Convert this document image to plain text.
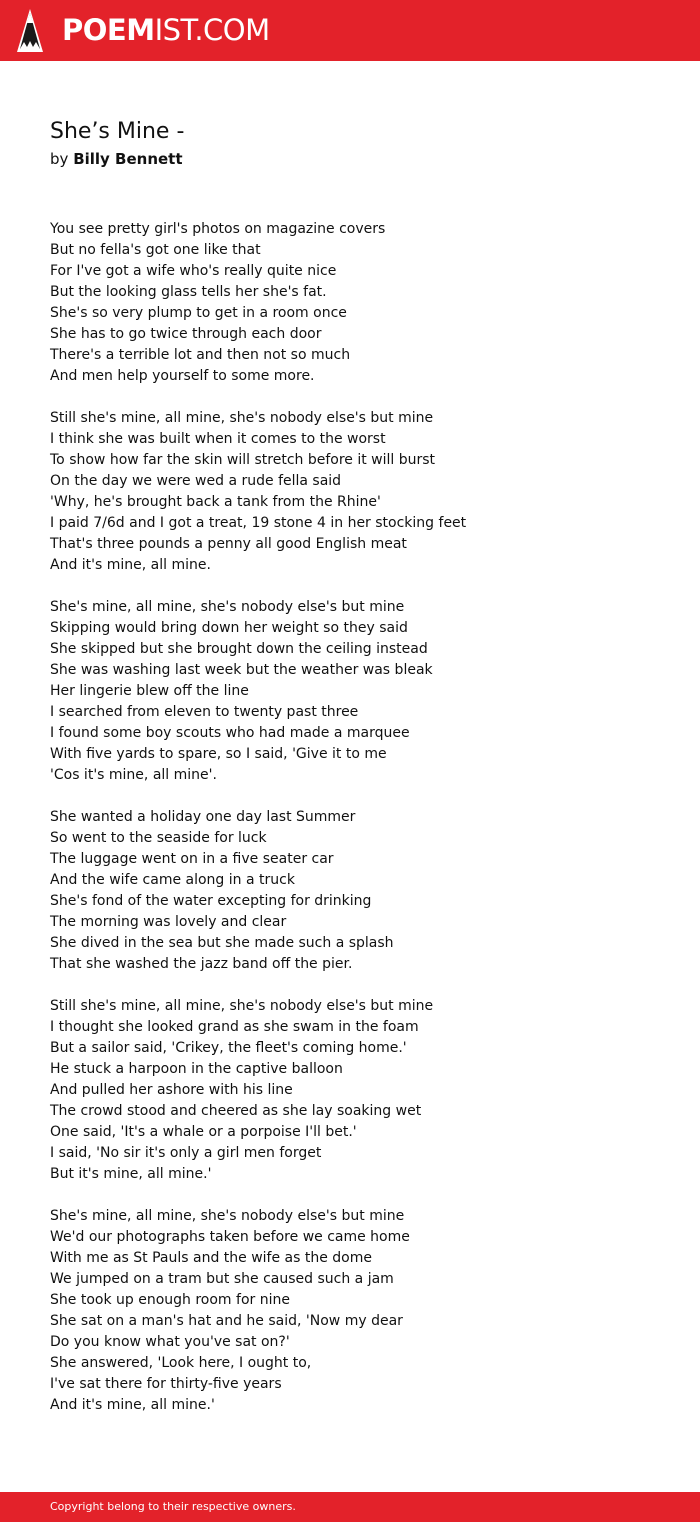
POEMIST.COM
She’s Mine -
by Billy Bennett
You see pretty girl's photos on magazine covers
But no fella's got one like that
For I've got a wife who's really quite nice
But the looking glass tells her she's fat.
She's so very plump to get in a room once
She has to go twice through each door
There's a terrible lot and then not so much
And men help yourself to some more.
Still she's mine, all mine, she's nobody else's but mine
I think she was built when it comes to the worst
To show how far the skin will stretch before it will burst
On the day we were wed a rude fella said
'Why, he's brought back a tank from the Rhine'
I paid 7/6d and I got a treat, 19 stone 4 in her stocking feet
That's three pounds a penny all good English meat
And it's mine, all mine.
She's mine, all mine, she's nobody else's but mine
Skipping would bring down her weight so they said
She skipped but she brought down the ceiling instead
She was washing last week but the weather was bleak
Her lingerie blew off the line
I searched from eleven to twenty past three
I found some boy scouts who had made a marquee
With five yards to spare, so I said, 'Give it to me
'Cos it's mine, all mine'.
She wanted a holiday one day last Summer
So went to the seaside for luck
The luggage went on in a five seater car
And the wife came along in a truck
She's fond of the water excepting for drinking
The morning was lovely and clear
She dived in the sea but she made such a splash
That she washed the jazz band off the pier.
Still she's mine, all mine, she's nobody else's but mine
I thought she looked grand as she swam in the foam
But a sailor said, 'Crikey, the fleet's coming home.'
He stuck a harpoon in the captive balloon
And pulled her ashore with his line
The crowd stood and cheered as she lay soaking wet
One said, 'It's a whale or a porpoise I'll bet.'
I said, 'No sir it's only a girl men forget
But it's mine, all mine.'
She's mine, all mine, she's nobody else's but mine
We'd our photographs taken before we came home
With me as St Pauls and the wife as the dome
We jumped on a tram but she caused such a jam
She took up enough room for nine
She sat on a man's hat and he said, 'Now my dear
Do you know what you've sat on?'
She answered, 'Look here, I ought to,
I've sat there for thirty-five years
And it's mine, all mine.'
Copyright belong to their respective owners.
